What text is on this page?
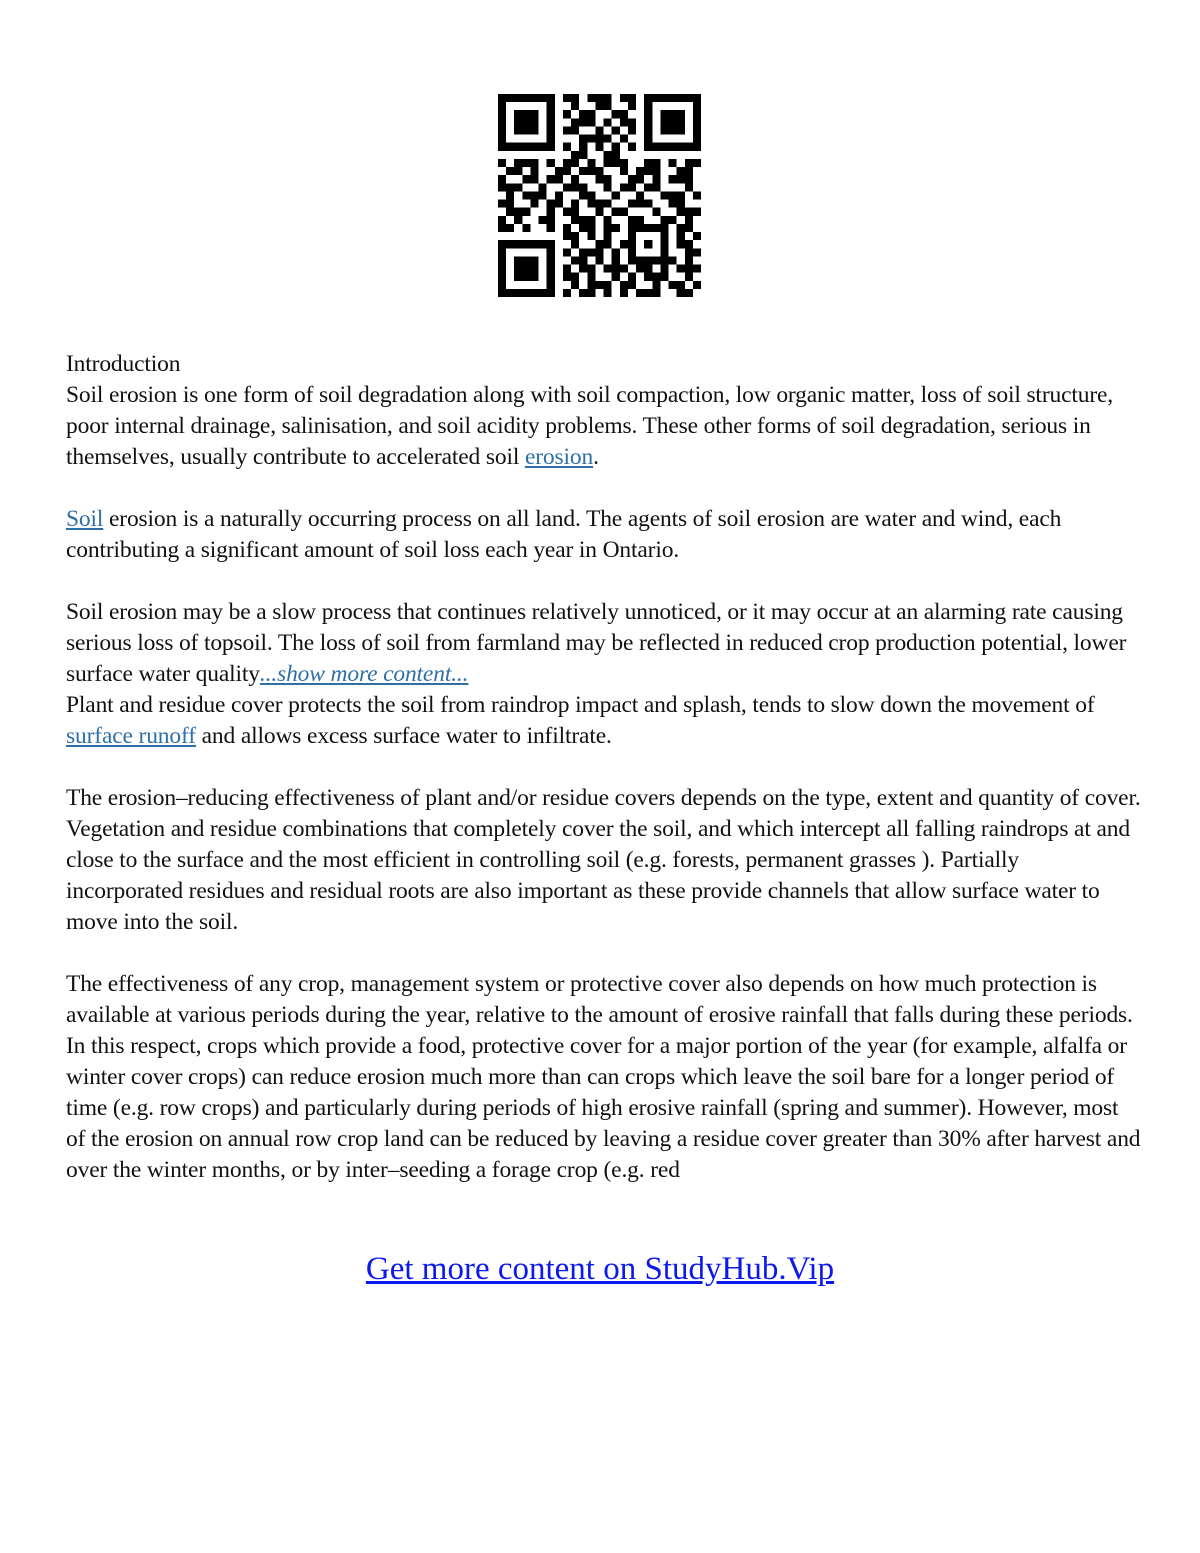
Introduction
Soil erosion is one form of soil degradation along with soil compaction, low organic matter, loss of soil structure, poor internal drainage, salinisation, and soil acidity problems. These other forms of soil degradation, serious in themselves, usually contribute to accelerated soil erosion.

Soil erosion is a naturally occurring process on all land. The agents of soil erosion are water and wind, each contributing a significant amount of soil loss each year in Ontario.

Soil erosion may be a slow process that continues relatively unnoticed, or it may occur at an alarming rate causing serious loss of topsoil. The loss of soil from farmland may be reflected in reduced crop production potential, lower surface water quality...show more content...
Plant and residue cover protects the soil from raindrop impact and splash, tends to slow down the movement of surface runoff and allows excess surface water to infiltrate.

The erosion–reducing effectiveness of plant and/or residue covers depends on the type, extent and quantity of cover. Vegetation and residue combinations that completely cover the soil, and which intercept all falling raindrops at and close to the surface and the most efficient in controlling soil (e.g. forests, permanent grasses ). Partially incorporated residues and residual roots are also important as these provide channels that allow surface water to move into the soil.

The effectiveness of any crop, management system or protective cover also depends on how much protection is available at various periods during the year, relative to the amount of erosive rainfall that falls during these periods. In this respect, crops which provide a food, protective cover for a major portion of the year (for example, alfalfa or winter cover crops) can reduce erosion much more than can crops which leave the soil bare for a longer period of time (e.g. row crops) and particularly during periods of high erosive rainfall (spring and summer). However, most of the erosion on annual row crop land can be reduced by leaving a residue cover greater than 30% after harvest and over the winter months, or by inter–seeding a forage crop (e.g. red

Get more content on StudyHub.Vip
